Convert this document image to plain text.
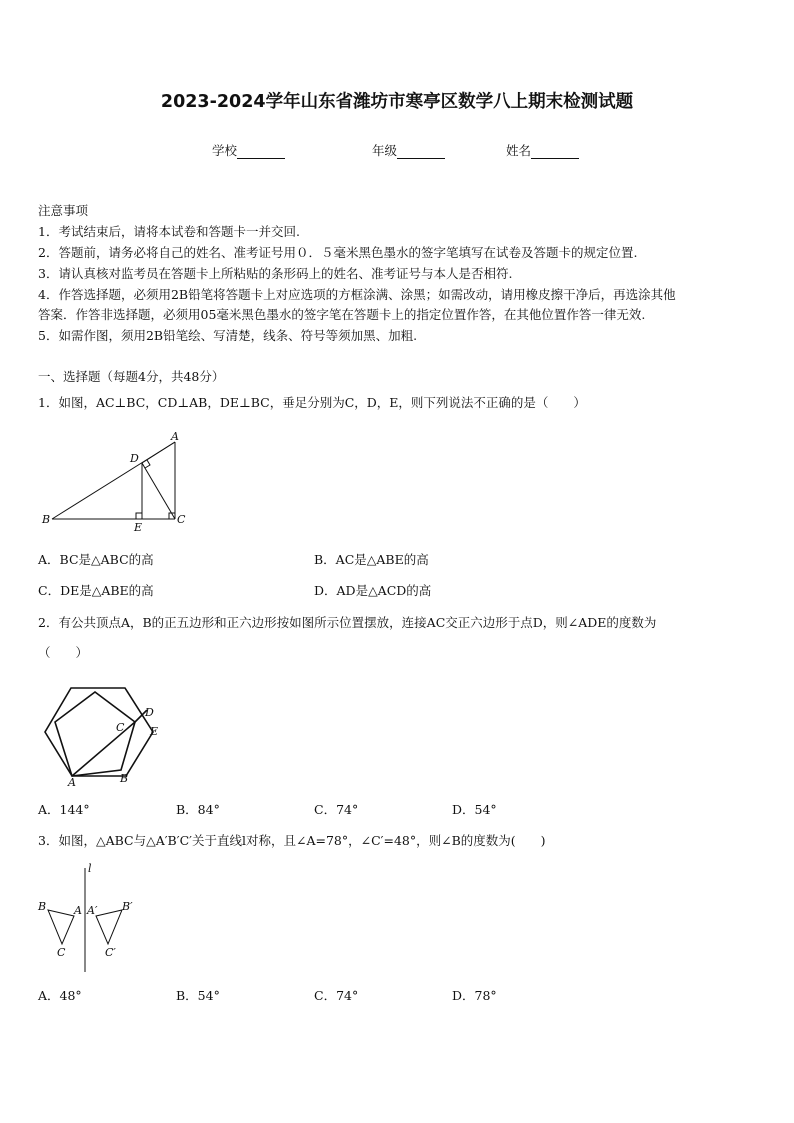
2023-2024学年山东省潍坊市寒亭区数学八上期末检测试题
学校	年级	姓名
注意事项
1．考试结束后，请将本试卷和答题卡一并交回.
2．答题前，请务必将自己的姓名、准考证号用０．５毫米黑色墨水的签字笔填写在试卷及答题卡的规定位置.
3．请认真核对监考员在答题卡上所粘贴的条形码上的姓名、准考证号与本人是否相符.
4．作答选择题，必须用2B铅笔将答题卡上对应选项的方框涂满、涂黑；如需改动，请用橡皮擦干净后，再选涂其他
答案．作答非选择题，必须用05毫米黑色墨水的签字笔在答题卡上的指定位置作答，在其他位置作答一律无效.
5．如需作图，须用2B铅笔绘、写清楚，线条、符号等须加黑、加粗.
一、选择题（每题4分，共48分）
1．如图，AC⊥BC，CD⊥AB，DE⊥BC，垂足分别为C，D，E，则下列说法不正确的是（　　）
A
B	C
D
E
A．BC是△ABC的高	B．AC是△ABE的高
C．DE是△ABE的高	D．AD是△ACD的高
2．有公共顶点A，B的正五边形和正六边形按如图所示位置摆放，连接AC交正六边形于点D，则∠ADE的度数为
（　　）
A	B
C
D
E
A．144°	B．84°	C．74°	D．54°
3．如图，△ABC与△A′B′C′关于直线l对称，且∠A=78°，∠C′=48°，则∠B的度数为(　　)
l
B	A
C
A′ B′
C′
A．48°	B．54°	C．74°	D．78°
